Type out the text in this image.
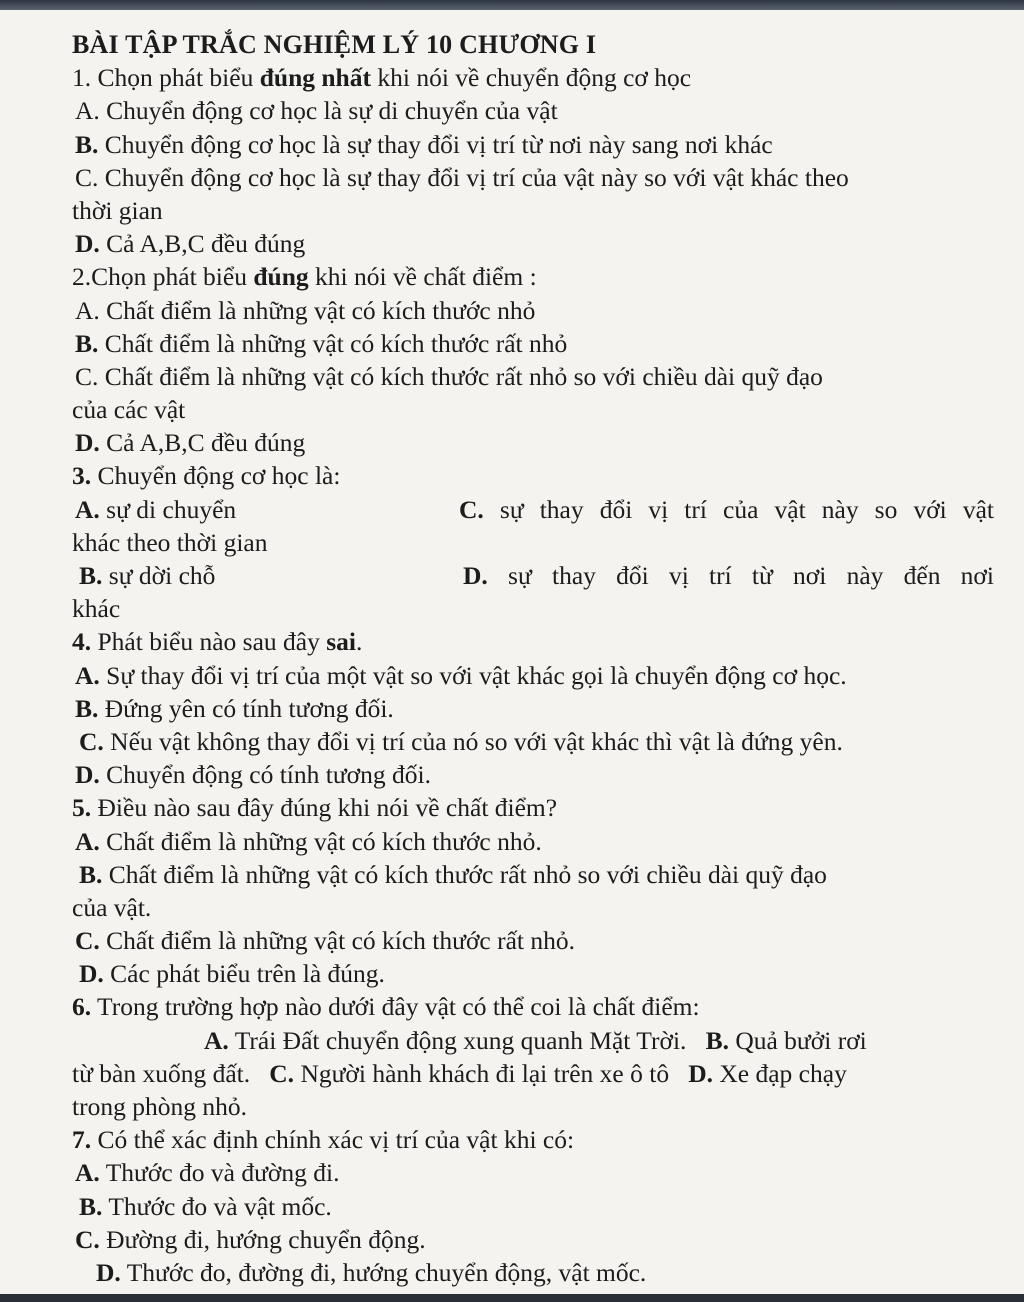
BÀI TẬP TRẮC NGHIỆM LÝ 10 CHƯƠNG I
1. Chọn phát biểu đúng nhất khi nói về chuyển động cơ học
A. Chuyển động cơ học là sự di chuyển của vật
B. Chuyển động cơ học là sự thay đổi vị trí từ nơi này sang nơi khác
C. Chuyển động cơ học là sự thay đổi vị trí của vật này so với vật khác theo
thời gian
D. Cả A,B,C đều đúng
2.Chọn phát biểu đúng khi nói về chất điểm :
A. Chất điểm là những vật có kích thước nhỏ
B. Chất điểm là những vật có kích thước rất nhỏ
C. Chất điểm là những vật có kích thước rất nhỏ so với chiều dài quỹ đạo
của các vật
D. Cả A,B,C đều đúng
3. Chuyển động cơ học là:
A. sự di chuyển	C. sự thay đổi vị trí của vật này so với vật
khác theo thời gian
B. sự dời chỗ	D. sự thay đổi vị trí từ nơi này đến nơi
khác
4. Phát biểu nào sau đây sai.
A. Sự thay đổi vị trí của một vật so với vật khác gọi là chuyển động cơ học.
B. Đứng yên có tính tương đối.
C. Nếu vật không thay đổi vị trí của nó so với vật khác thì vật là đứng yên.
D. Chuyển động có tính tương đối.
5. Điều nào sau đây đúng khi nói về chất điểm?
A. Chất điểm là những vật có kích thước nhỏ.
B. Chất điểm là những vật có kích thước rất nhỏ so với chiều dài quỹ đạo
của vật.
C. Chất điểm là những vật có kích thước rất nhỏ.
D. Các phát biểu trên là đúng.
6. Trong trường hợp nào dưới đây vật có thể coi là chất điểm:
A. Trái Đất chuyển động xung quanh Mặt Trời. B. Quả bưởi rơi
từ bàn xuống đất. C. Người hành khách đi lại trên xe ô tô D. Xe đạp chạy
trong phòng nhỏ.
7. Có thể xác định chính xác vị trí của vật khi có:
A. Thước đo và đường đi.
B. Thước đo và vật mốc.
C. Đường đi, hướng chuyển động.
D. Thước đo, đường đi, hướng chuyển động, vật mốc.
